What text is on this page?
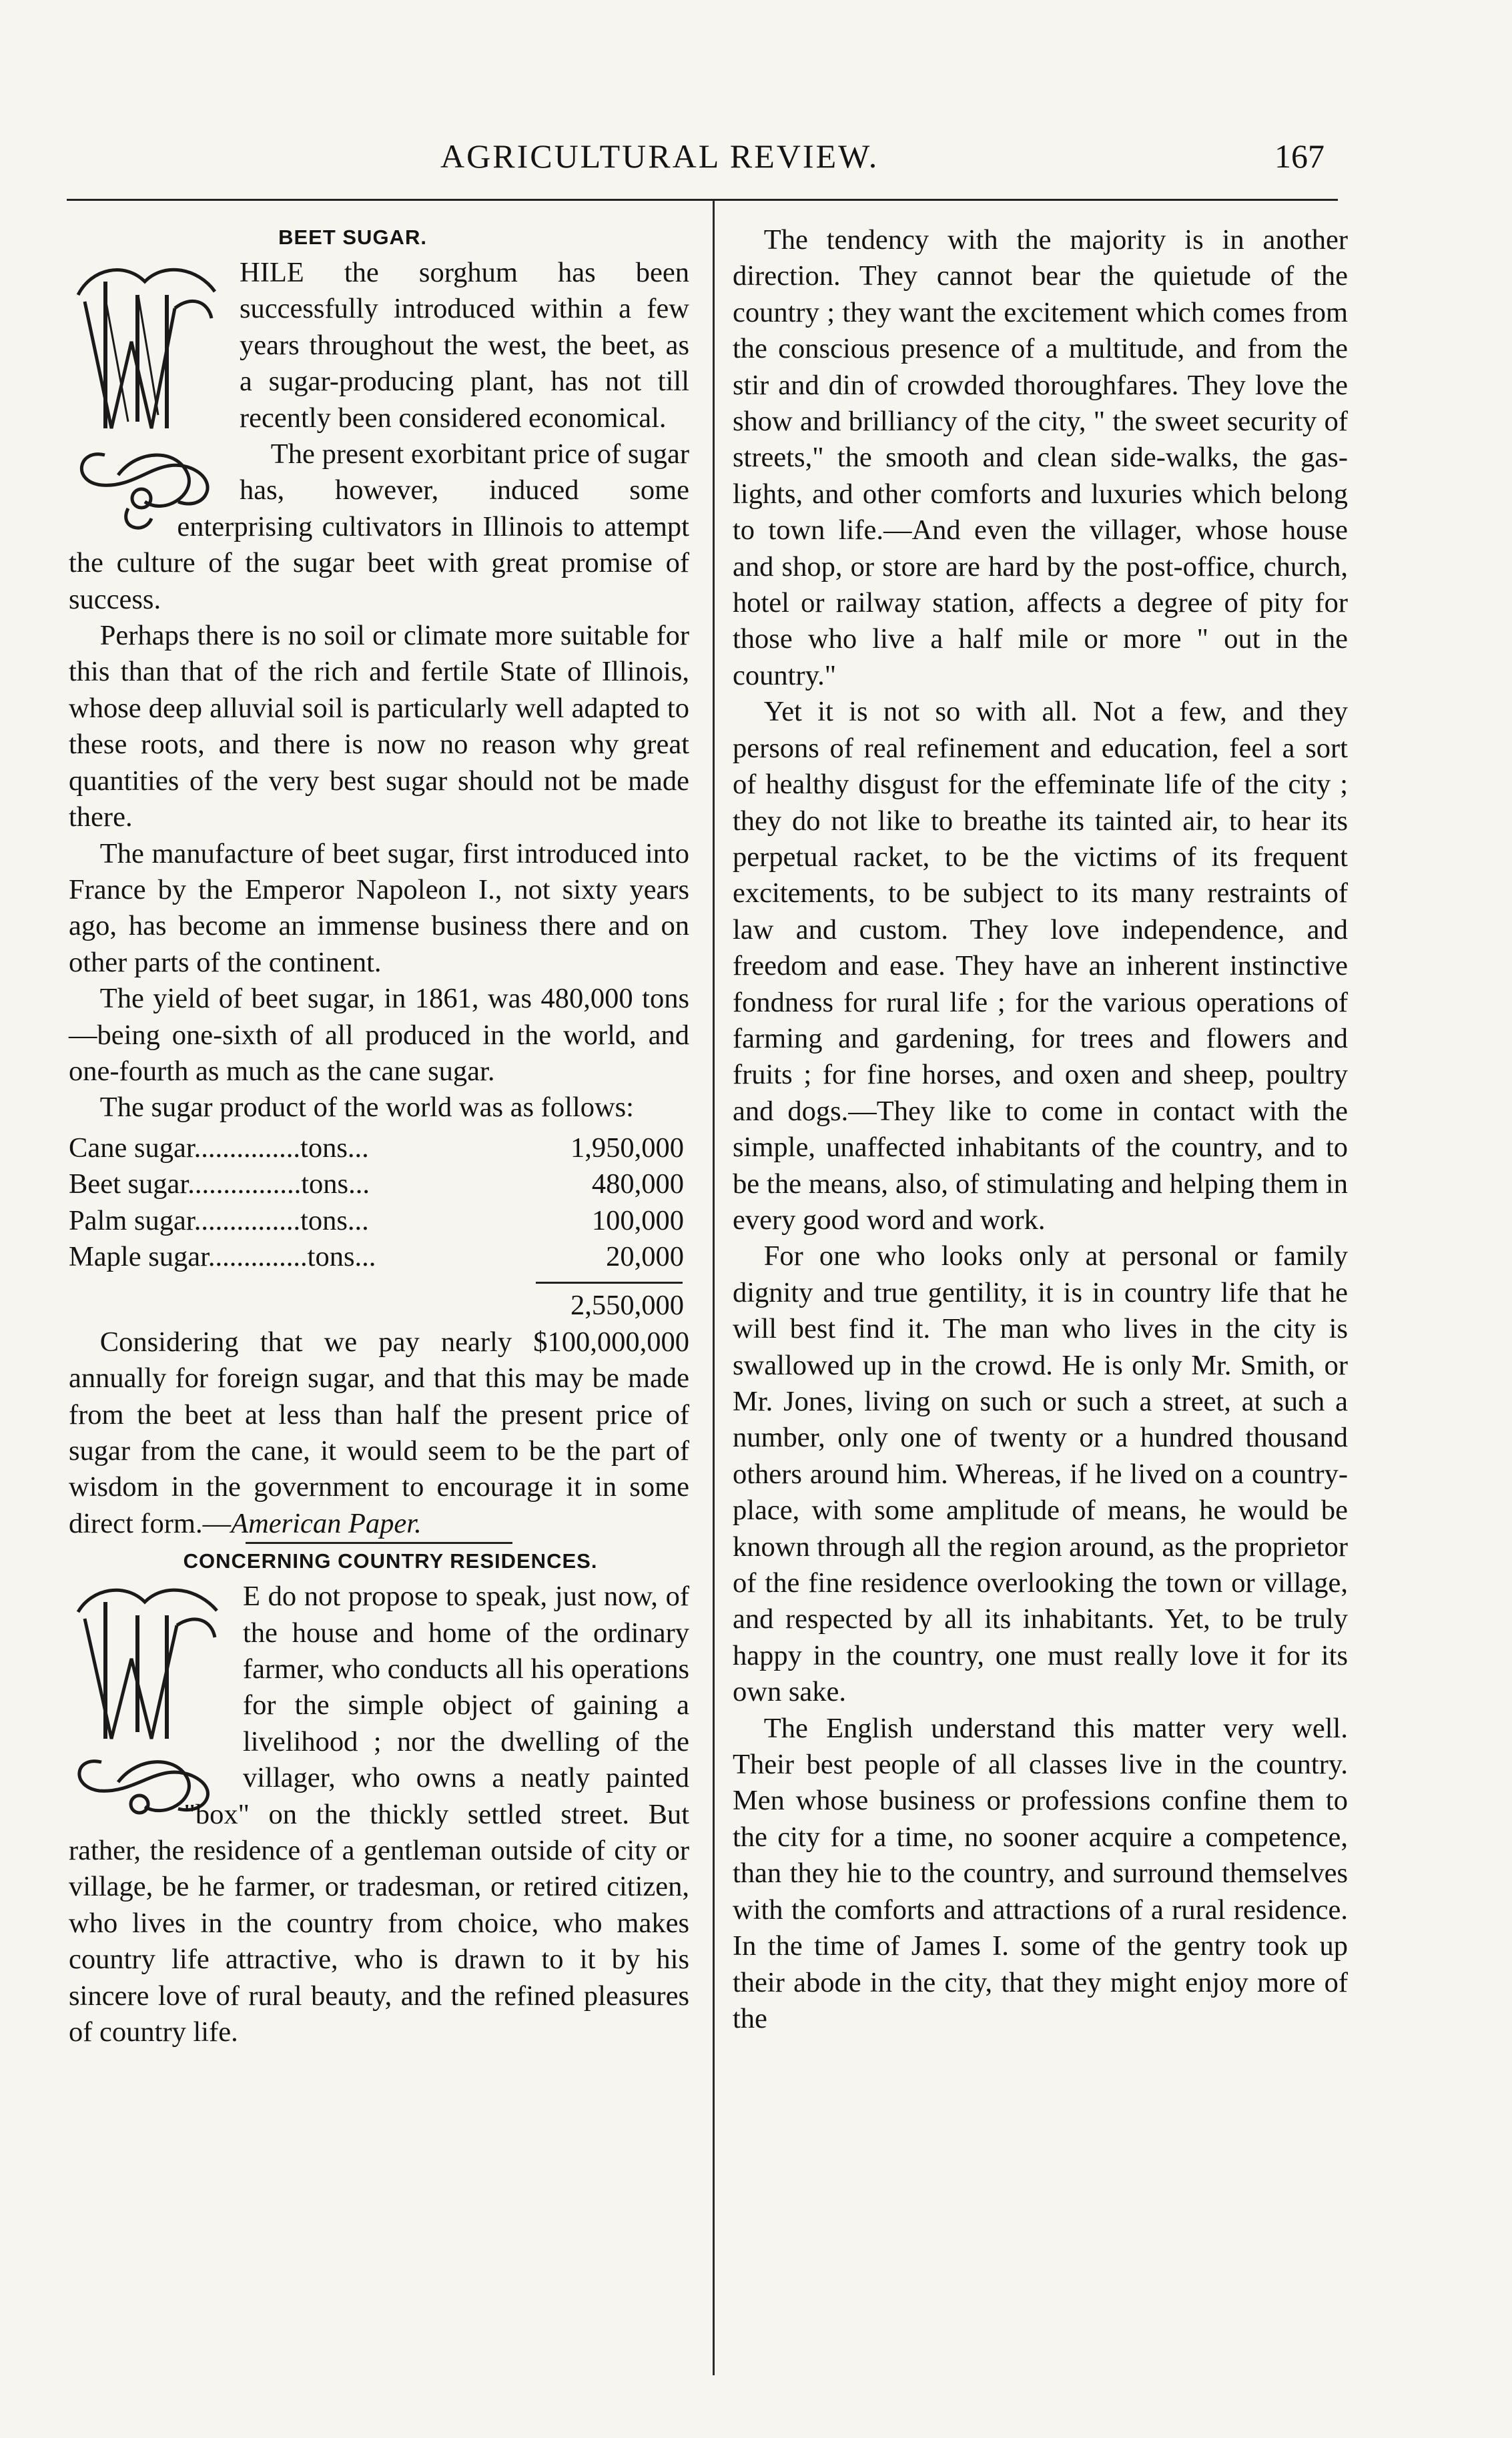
AGRICULTURAL REVIEW.	167

BEET SUGAR.

HILE the sorghum has been successfully introduced within a few years throughout the west, the beet, as a sugar-producing plant, has not till recently been considered economical.

The present exorbitant price of sugar has, however, induced some enterprising cultivators in Illinois to attempt the culture of the sugar beet with great promise of success.

Perhaps there is no soil or climate more suitable for this than that of the rich and fertile State of Illinois, whose deep alluvial soil is particularly well adapted to these roots, and there is now no reason why great quantities of the very best sugar should not be made there.

The manufacture of beet sugar, first introduced into France by the Emperor Napoleon I., not sixty years ago, has become an immense business there and on other parts of the continent.

The yield of beet sugar, in 1861, was 480,000 tons—being one-sixth of all produced in the world, and one-fourth as much as the cane sugar.

The sugar product of the world was as follows:

Cane sugar...............tons...	1,950,000
Beet sugar................tons...	480,000
Palm sugar...............tons...	100,000
Maple sugar..............tons...	20,000
2,550,000

Considering that we pay nearly $100,000,000 annually for foreign sugar, and that this may be made from the beet at less than half the present price of sugar from the cane, it would seem to be the part of wisdom in the government to encourage it in some direct form.—American Paper.

CONCERNING COUNTRY RESIDENCES.

E do not propose to speak, just now, of the house and home of the ordinary farmer, who conducts all his operations for the simple object of gaining a livelihood ; nor the dwelling of the villager, who owns a neatly painted "box" on the thickly settled street. But rather, the residence of a gentleman outside of city or village, be he farmer, or tradesman, or retired citizen, who lives in the country from choice, who makes country life attractive, who is drawn to it by his sincere love of rural beauty, and the refined pleasures of country life.

The tendency with the majority is in another direction. They cannot bear the quietude of the country ; they want the excitement which comes from the conscious presence of a multitude, and from the stir and din of crowded thoroughfares. They love the show and brilliancy of the city, " the sweet security of streets," the smooth and clean side-walks, the gas-lights, and other comforts and luxuries which belong to town life.—And even the villager, whose house and shop, or store are hard by the post-office, church, hotel or railway station, affects a degree of pity for those who live a half mile or more " out in the country."

Yet it is not so with all. Not a few, and they persons of real refinement and education, feel a sort of healthy disgust for the effeminate life of the city ; they do not like to breathe its tainted air, to hear its perpetual racket, to be the victims of its frequent excitements, to be subject to its many restraints of law and custom. They love independence, and freedom and ease. They have an inherent instinctive fondness for rural life ; for the various operations of farming and gardening, for trees and flowers and fruits ; for fine horses, and oxen and sheep, poultry and dogs.—They like to come in contact with the simple, unaffected inhabitants of the country, and to be the means, also, of stimulating and helping them in every good word and work.

For one who looks only at personal or family dignity and true gentility, it is in country life that he will best find it. The man who lives in the city is swallowed up in the crowd. He is only Mr. Smith, or Mr. Jones, living on such or such a street, at such a number, only one of twenty or a hundred thousand others around him. Whereas, if he lived on a country-place, with some amplitude of means, he would be known through all the region around, as the proprietor of the fine residence overlooking the town or village, and respected by all its inhabitants. Yet, to be truly happy in the country, one must really love it for its own sake.

The English understand this matter very well. Their best people of all classes live in the country. Men whose business or professions confine them to the city for a time, no sooner acquire a competence, than they hie to the country, and surround themselves with the comforts and attractions of a rural residence. In the time of James I. some of the gentry took up their abode in the city, that they might enjoy more of the
